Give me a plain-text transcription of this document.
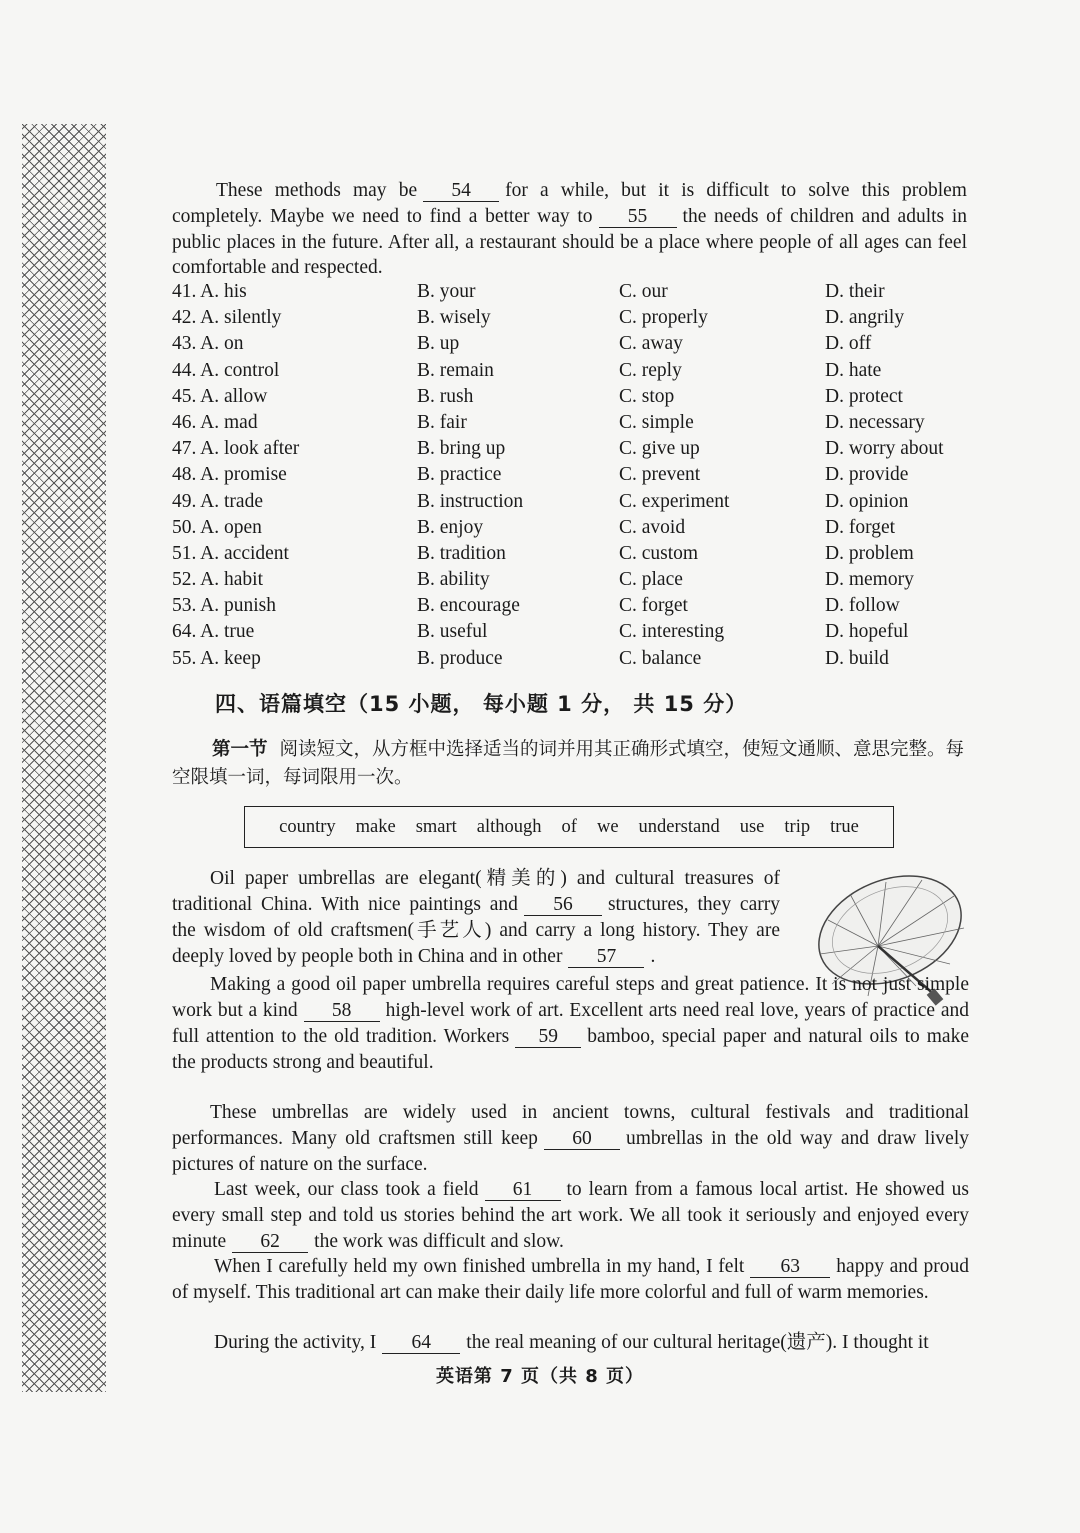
These methods may be 54 for a while, but it is difficult to solve this problem completely. Maybe we need to find a better way to 55 the needs of children and adults in public places in the future. After all, a restaurant should be a place where people of all ages can feel comfortable and respected.

41. A. his	B. your	C. our	D. their
42. A. silently	B. wisely	C. properly	D. angrily
43. A. on	B. up	C. away	D. off
44. A. control	B. remain	C. reply	D. hate
45. A. allow	B. rush	C. stop	D. protect
46. A. mad	B. fair	C. simple	D. necessary
47. A. look after	B. bring up	C. give up	D. worry about
48. A. promise	B. practice	C. prevent	D. provide
49. A. trade	B. instruction	C. experiment	D. opinion
50. A. open	B. enjoy	C. avoid	D. forget
51. A. accident	B. tradition	C. custom	D. problem
52. A. habit	B. ability	C. place	D. memory
53. A. punish	B. encourage	C. forget	D. follow
64. A. true	B. useful	C. interesting	D. hopeful
55. A. keep	B. produce	C. balance	D. build
四、语篇填空（15 小题， 每小题 1 分， 共 15 分）
第一节 阅读短文，从方框中选择适当的词并用其正确形式填空，使短文通顺、意思完整。每空限填一词，每词限用一次。
country make smart although of we understand use trip true

Oil paper umbrellas are elegant(精美的) and cultural treasures of traditional China. With nice paintings and 56 structures, they carry the wisdom of old craftsmen(手艺人) and carry a long history. They are deeply loved by people both in China and in other 57 .

Making a good oil paper umbrella requires careful steps and great patience. It is not just simple work but a kind 58 high-level work of art. Excellent arts need real love, years of practice and full attention to the old tradition. Workers 59 bamboo, special paper and natural oils to make the products strong and beautiful.

These umbrellas are widely used in ancient towns, cultural festivals and traditional performances. Many old craftsmen still keep 60 umbrellas in the old way and draw lively pictures of nature on the surface.

Last week, our class took a field 61 to learn from a famous local artist. He showed us every small step and told us stories behind the art work. We all took it seriously and enjoyed every minute 62 the work was difficult and slow.

When I carefully held my own finished umbrella in my hand, I felt 63 happy and proud of myself. This traditional art can make their daily life more colorful and full of warm memories.

During the activity, I 64 the real meaning of our cultural heritage(遗产). I thought it

英语第 7 页（共 8 页）
